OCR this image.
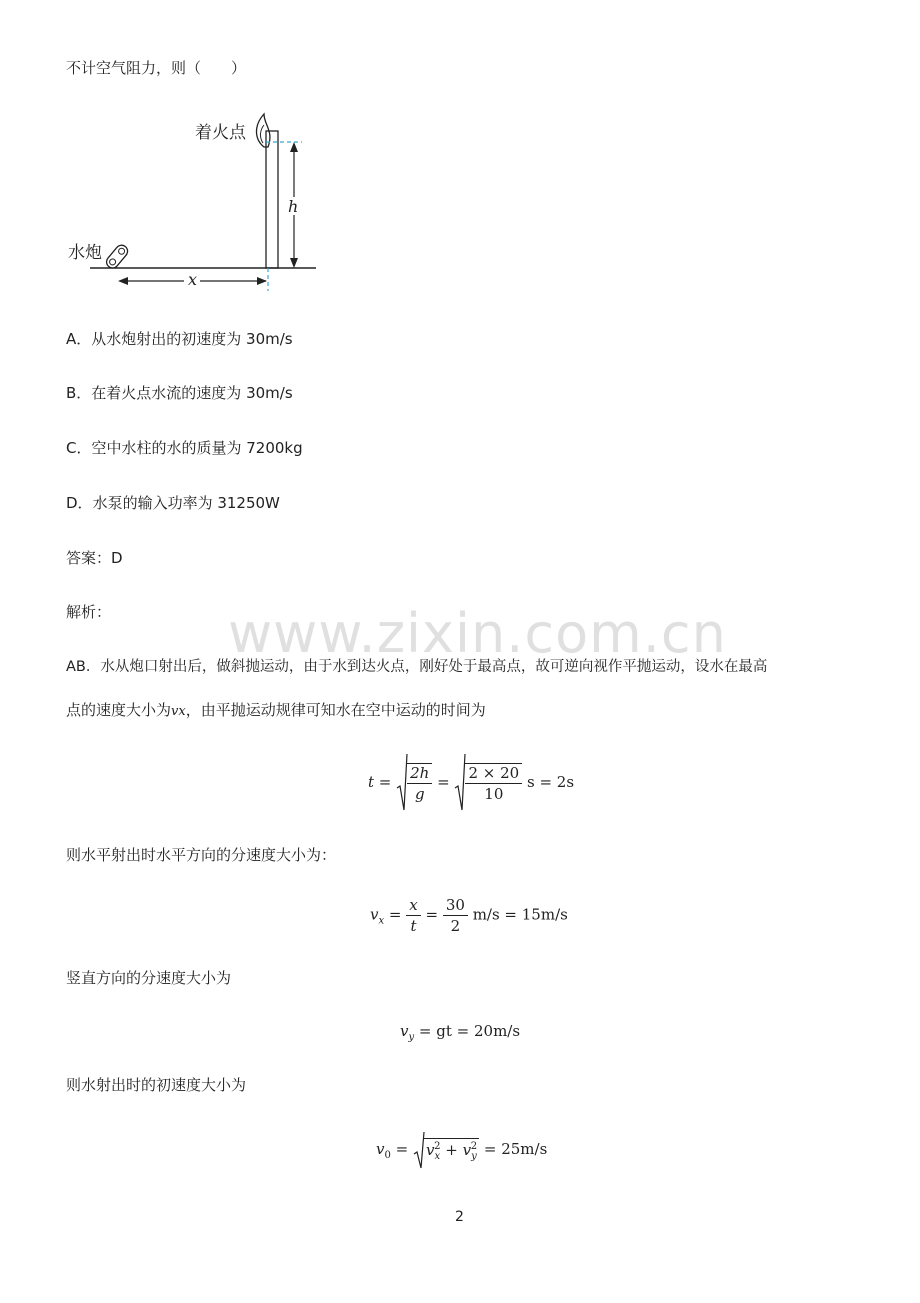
不计空气阻力，则（　　）
着火点
水炮
h
x
A．从水炮射出的初速度为 30m/s
B．在着火点水流的速度为 30m/s
C．空中水柱的水的质量为 7200kg
D．水泵的输入功率为 31250W
答案：D
解析： www.zixin.com.cn
AB．水从炮口射出后，做斜抛运动，由于水到达火点，刚好处于最高点，故可逆向视作平抛运动，设水在最高
点的速度大小为vx，由平抛运动规律可知水在空中运动的时间为
$t = \frac{2h}{g} = \frac{2 \times 20}{10}$ s = 2s
则水平射出时水平方向的分速度大小为：
$v_x = \frac{x}{t} = \frac{30}{2} m/s = 15m/s$
竖直方向的分速度大小为
$v_y$ = gt = 20m/s
则水射出时的初速度大小为
$v_0 = v_x^2 + v_y^2 = 25m/s$
2
